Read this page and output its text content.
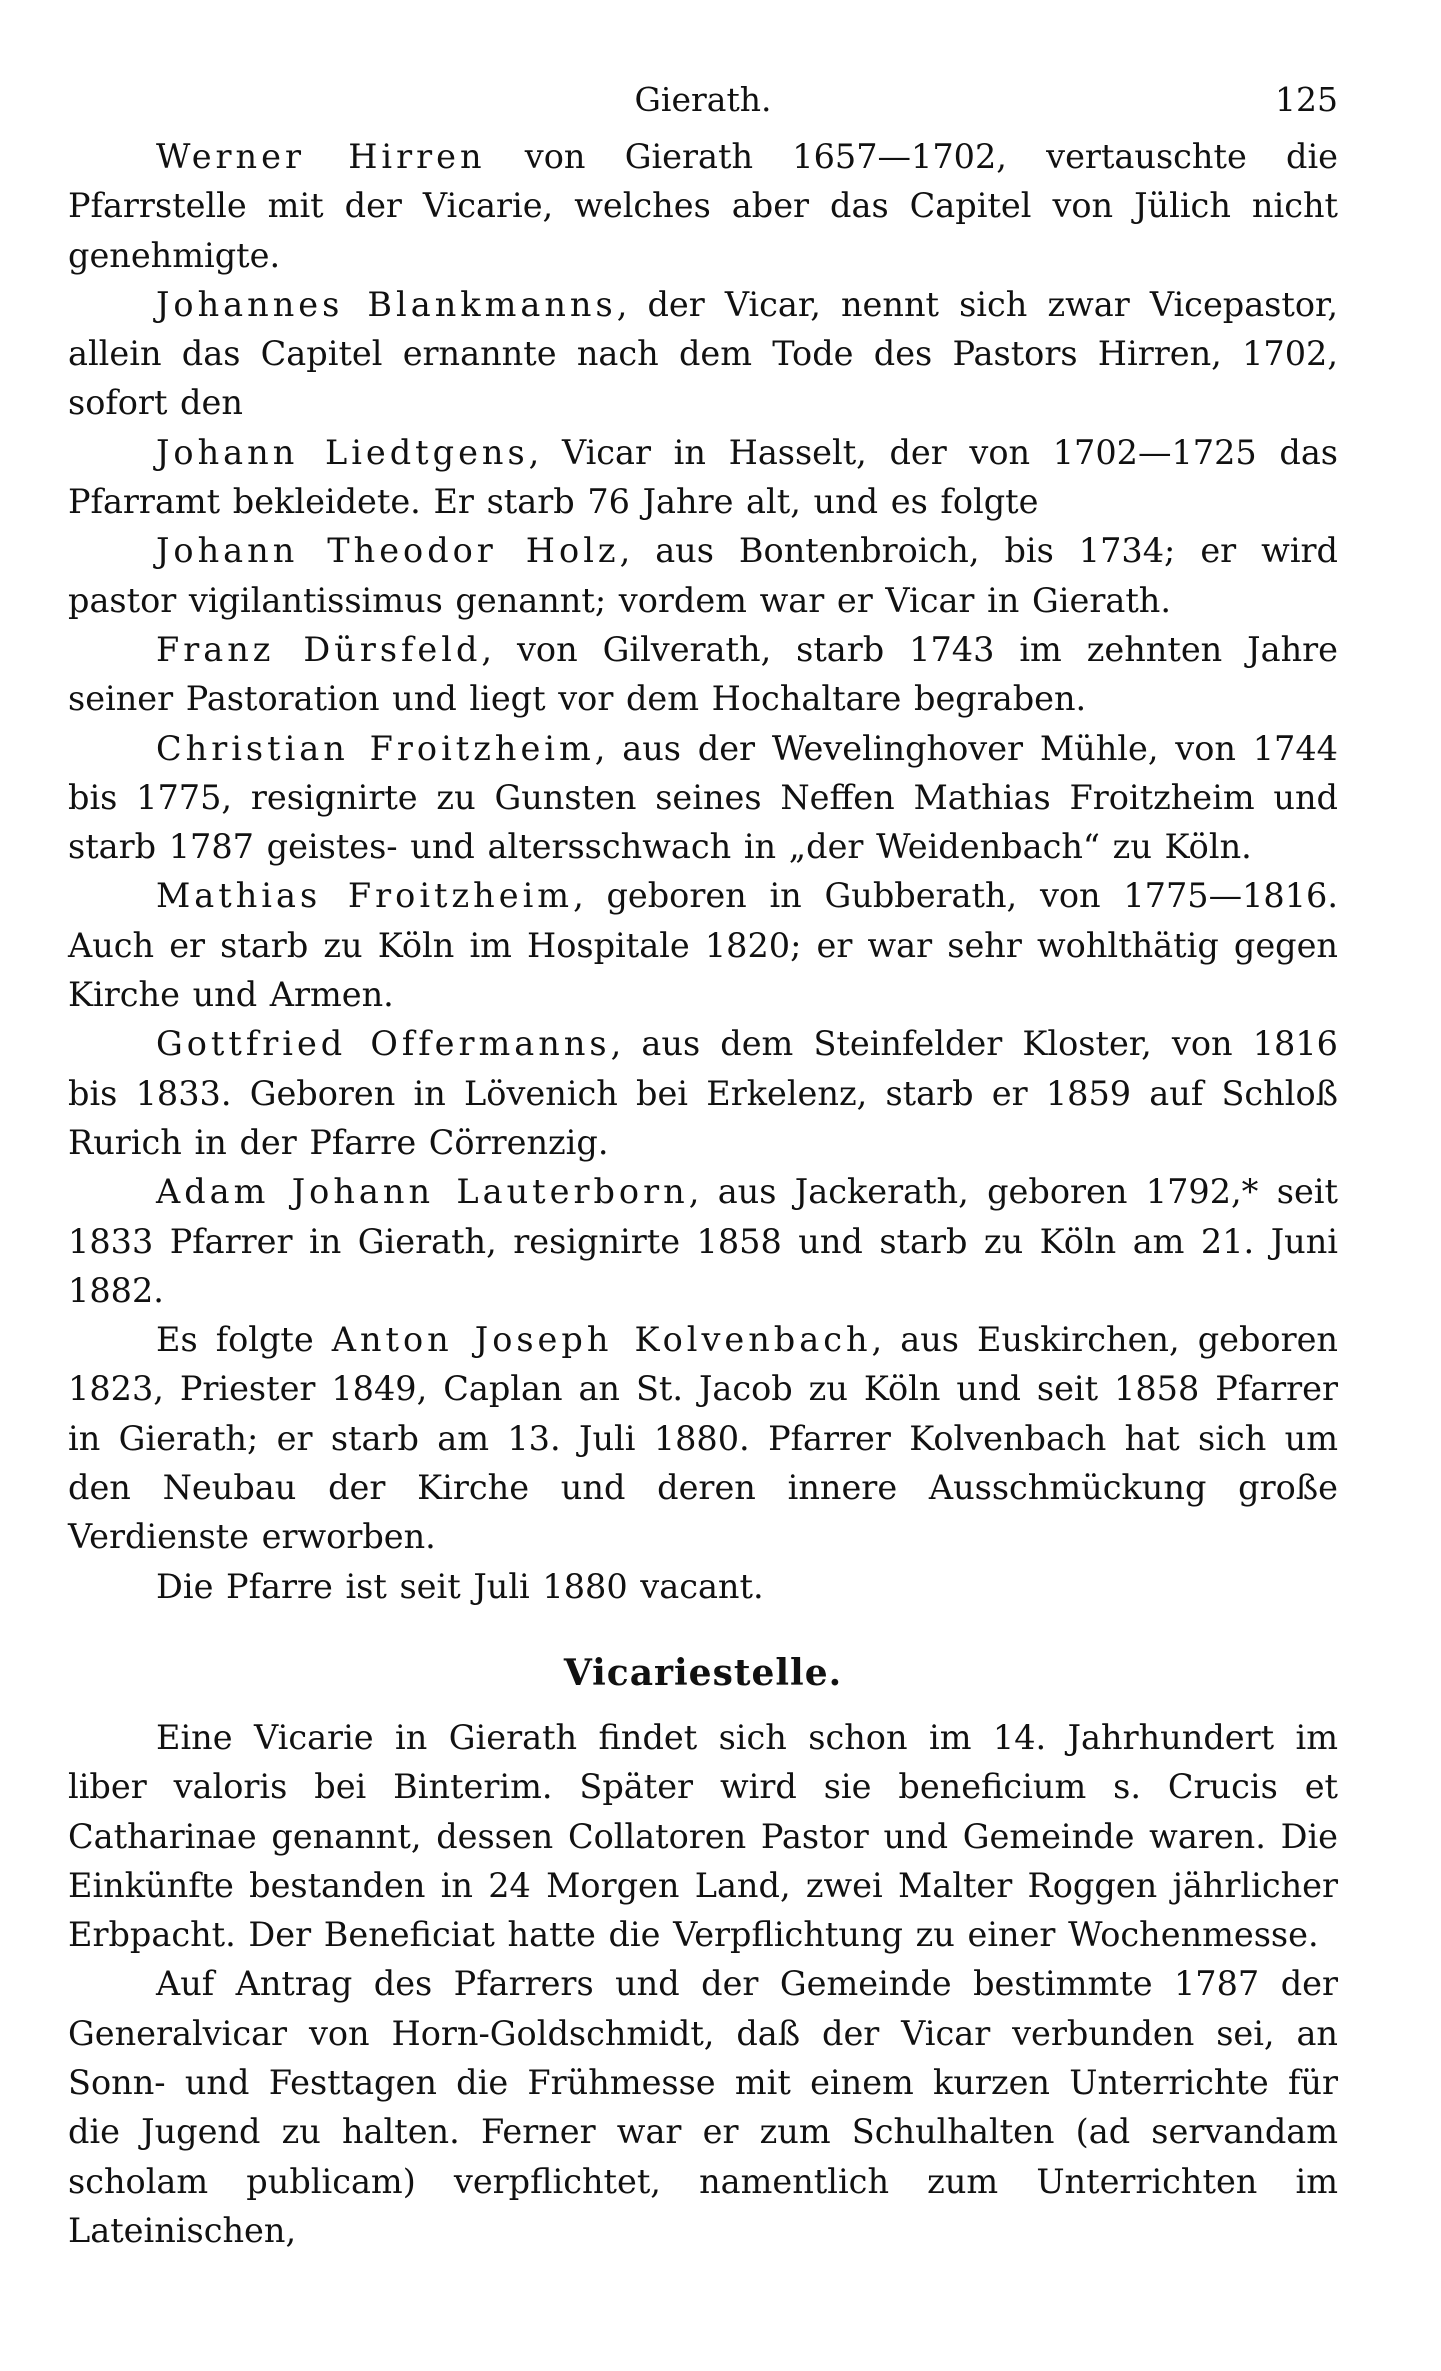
Gierath.	125

Werner Hirren von Gierath 1657—1702, vertauschte die Pfarrstelle mit der Vicarie, welches aber das Capitel von Jülich nicht genehmigte.

Johannes Blankmanns, der Vicar, nennt sich zwar Vicepastor, allein das Capitel ernannte nach dem Tode des Pastors Hirren, 1702, sofort den

Johann Liedtgens, Vicar in Hasselt, der von 1702—1725 das Pfarramt bekleidete. Er starb 76 Jahre alt, und es folgte

Johann Theodor Holz, aus Bontenbroich, bis 1734; er wird pastor vigilantissimus genannt; vordem war er Vicar in Gierath.

Franz Dürsfeld, von Gilverath, starb 1743 im zehnten Jahre seiner Pastoration und liegt vor dem Hochaltare begraben.

Christian Froitzheim, aus der Wevelinghover Mühle, von 1744 bis 1775, resignirte zu Gunsten seines Neffen Mathias Froitzheim und starb 1787 geistes- und altersschwach in „der Weidenbach“ zu Köln.

Mathias Froitzheim, geboren in Gubberath, von 1775—1816. Auch er starb zu Köln im Hospitale 1820; er war sehr wohlthätig gegen Kirche und Armen.

Gottfried Offermanns, aus dem Steinfelder Kloster, von 1816 bis 1833. Geboren in Lövenich bei Erkelenz, starb er 1859 auf Schloß Rurich in der Pfarre Cörrenzig.

Adam Johann Lauterborn, aus Jackerath, geboren 1792,* seit 1833 Pfarrer in Gierath, resignirte 1858 und starb zu Köln am 21. Juni 1882.

Es folgte Anton Joseph Kolvenbach, aus Euskirchen, geboren 1823, Priester 1849, Caplan an St. Jacob zu Köln und seit 1858 Pfarrer in Gierath; er starb am 13. Juli 1880. Pfarrer Kolvenbach hat sich um den Neubau der Kirche und deren innere Ausschmückung große Verdienste erworben.

Die Pfarre ist seit Juli 1880 vacant.

Vicariestelle.

Eine Vicarie in Gierath findet sich schon im 14. Jahrhundert im liber valoris bei Binterim. Später wird sie beneficium s. Crucis et Catharinae genannt, dessen Collatoren Pastor und Gemeinde waren. Die Einkünfte bestanden in 24 Morgen Land, zwei Malter Roggen jährlicher Erbpacht. Der Beneficiat hatte die Verpflichtung zu einer Wochenmesse.

Auf Antrag des Pfarrers und der Gemeinde bestimmte 1787 der Generalvicar von Horn-Goldschmidt, daß der Vicar verbunden sei, an Sonn- und Festtagen die Frühmesse mit einem kurzen Unterrichte für die Jugend zu halten. Ferner war er zum Schulhalten (ad servandam scholam publicam) verpflichtet, namentlich zum Unterrichten im Lateinischen,
